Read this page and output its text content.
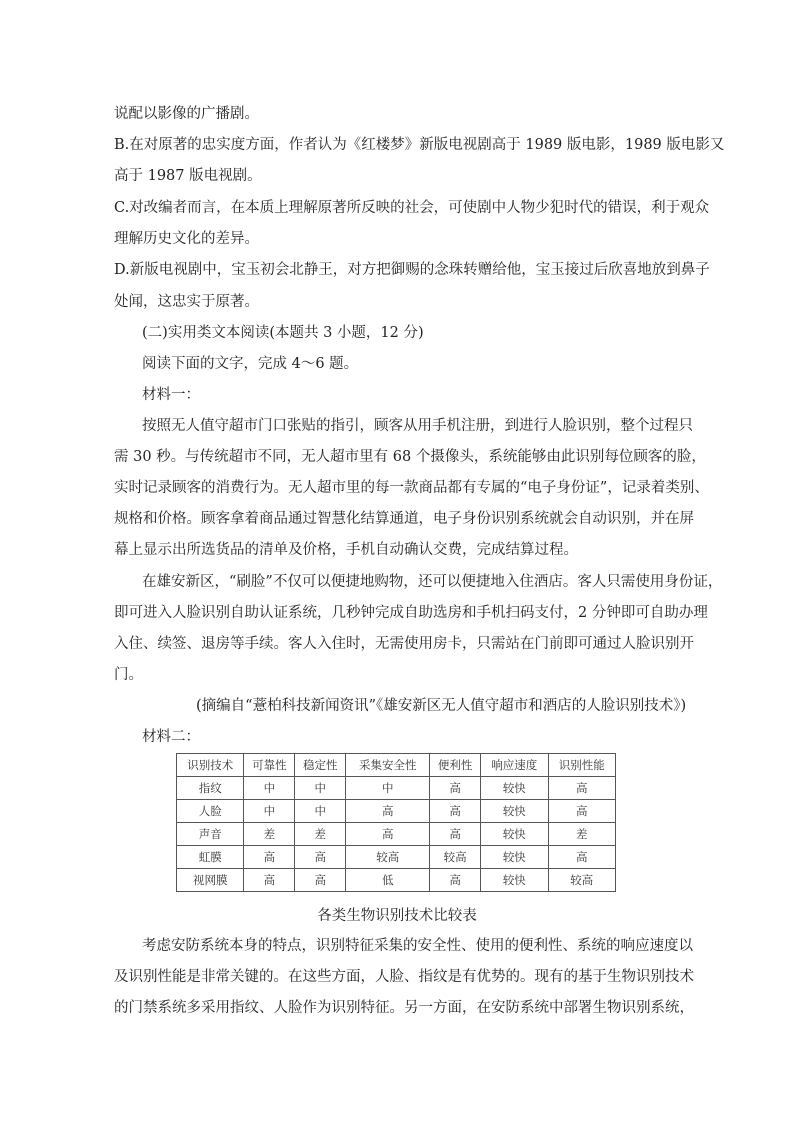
说配以影像的广播剧。
B.在对原著的忠实度方面，作者认为《红楼梦》新版电视剧高于 1989 版电影，1989 版电影又
高于 1987 版电视剧。
C.对改编者而言，在本质上理解原著所反映的社会，可使剧中人物少犯时代的错误，利于观众
理解历史文化的差异。
D.新版电视剧中，宝玉初会北静王，对方把御赐的念珠转赠给他，宝玉接过后欣喜地放到鼻子
处闻，这忠实于原著。
(二)实用类文本阅读(本题共 3 小题，12 分)
阅读下面的文字，完成 4～6 题。
材料一：
按照无人值守超市门口张贴的指引，顾客从用手机注册，到进行人脸识别，整个过程只
需 30 秒。与传统超市不同，无人超市里有 68 个摄像头，系统能够由此识别每位顾客的脸，
实时记录顾客的消费行为。无人超市里的每一款商品都有专属的“电子身份证”，记录着类别、
规格和价格。顾客拿着商品通过智慧化结算通道，电子身份识别系统就会自动识别，并在屏
幕上显示出所选货品的清单及价格，手机自动确认交费，完成结算过程。
在雄安新区，“刷脸”不仅可以便捷地购物，还可以便捷地入住酒店。客人只需使用身份证，
即可进入人脸识别自助认证系统，几秒钟完成自助选房和手机扫码支付，2 分钟即可自助办理
入住、续签、退房等手续。客人入住时，无需使用房卡，只需站在门前即可通过人脸识别开
门。
(摘编自“薏柏科技新闻资讯”《雄安新区无人值守超市和酒店的人脸识别技术》)
材料二：
识别技术	可靠性	稳定性	采集安全性	便利性	响应速度	识别性能
指纹	中	中	中	高	较快	高
人脸	中	中	高	高	较快	高
声音	差	差	高	高	较快	差
虹膜	高	高	较高	较高	较快	高
视网膜	高	高	低	高	较快	较高
各类生物识别技术比较表
考虑安防系统本身的特点，识别特征采集的安全性、使用的便利性、系统的响应速度以
及识别性能是非常关键的。在这些方面，人脸、指纹是有优势的。现有的基于生物识别技术
的门禁系统多采用指纹、人脸作为识别特征。另一方面，在安防系统中部署生物识别系统，
